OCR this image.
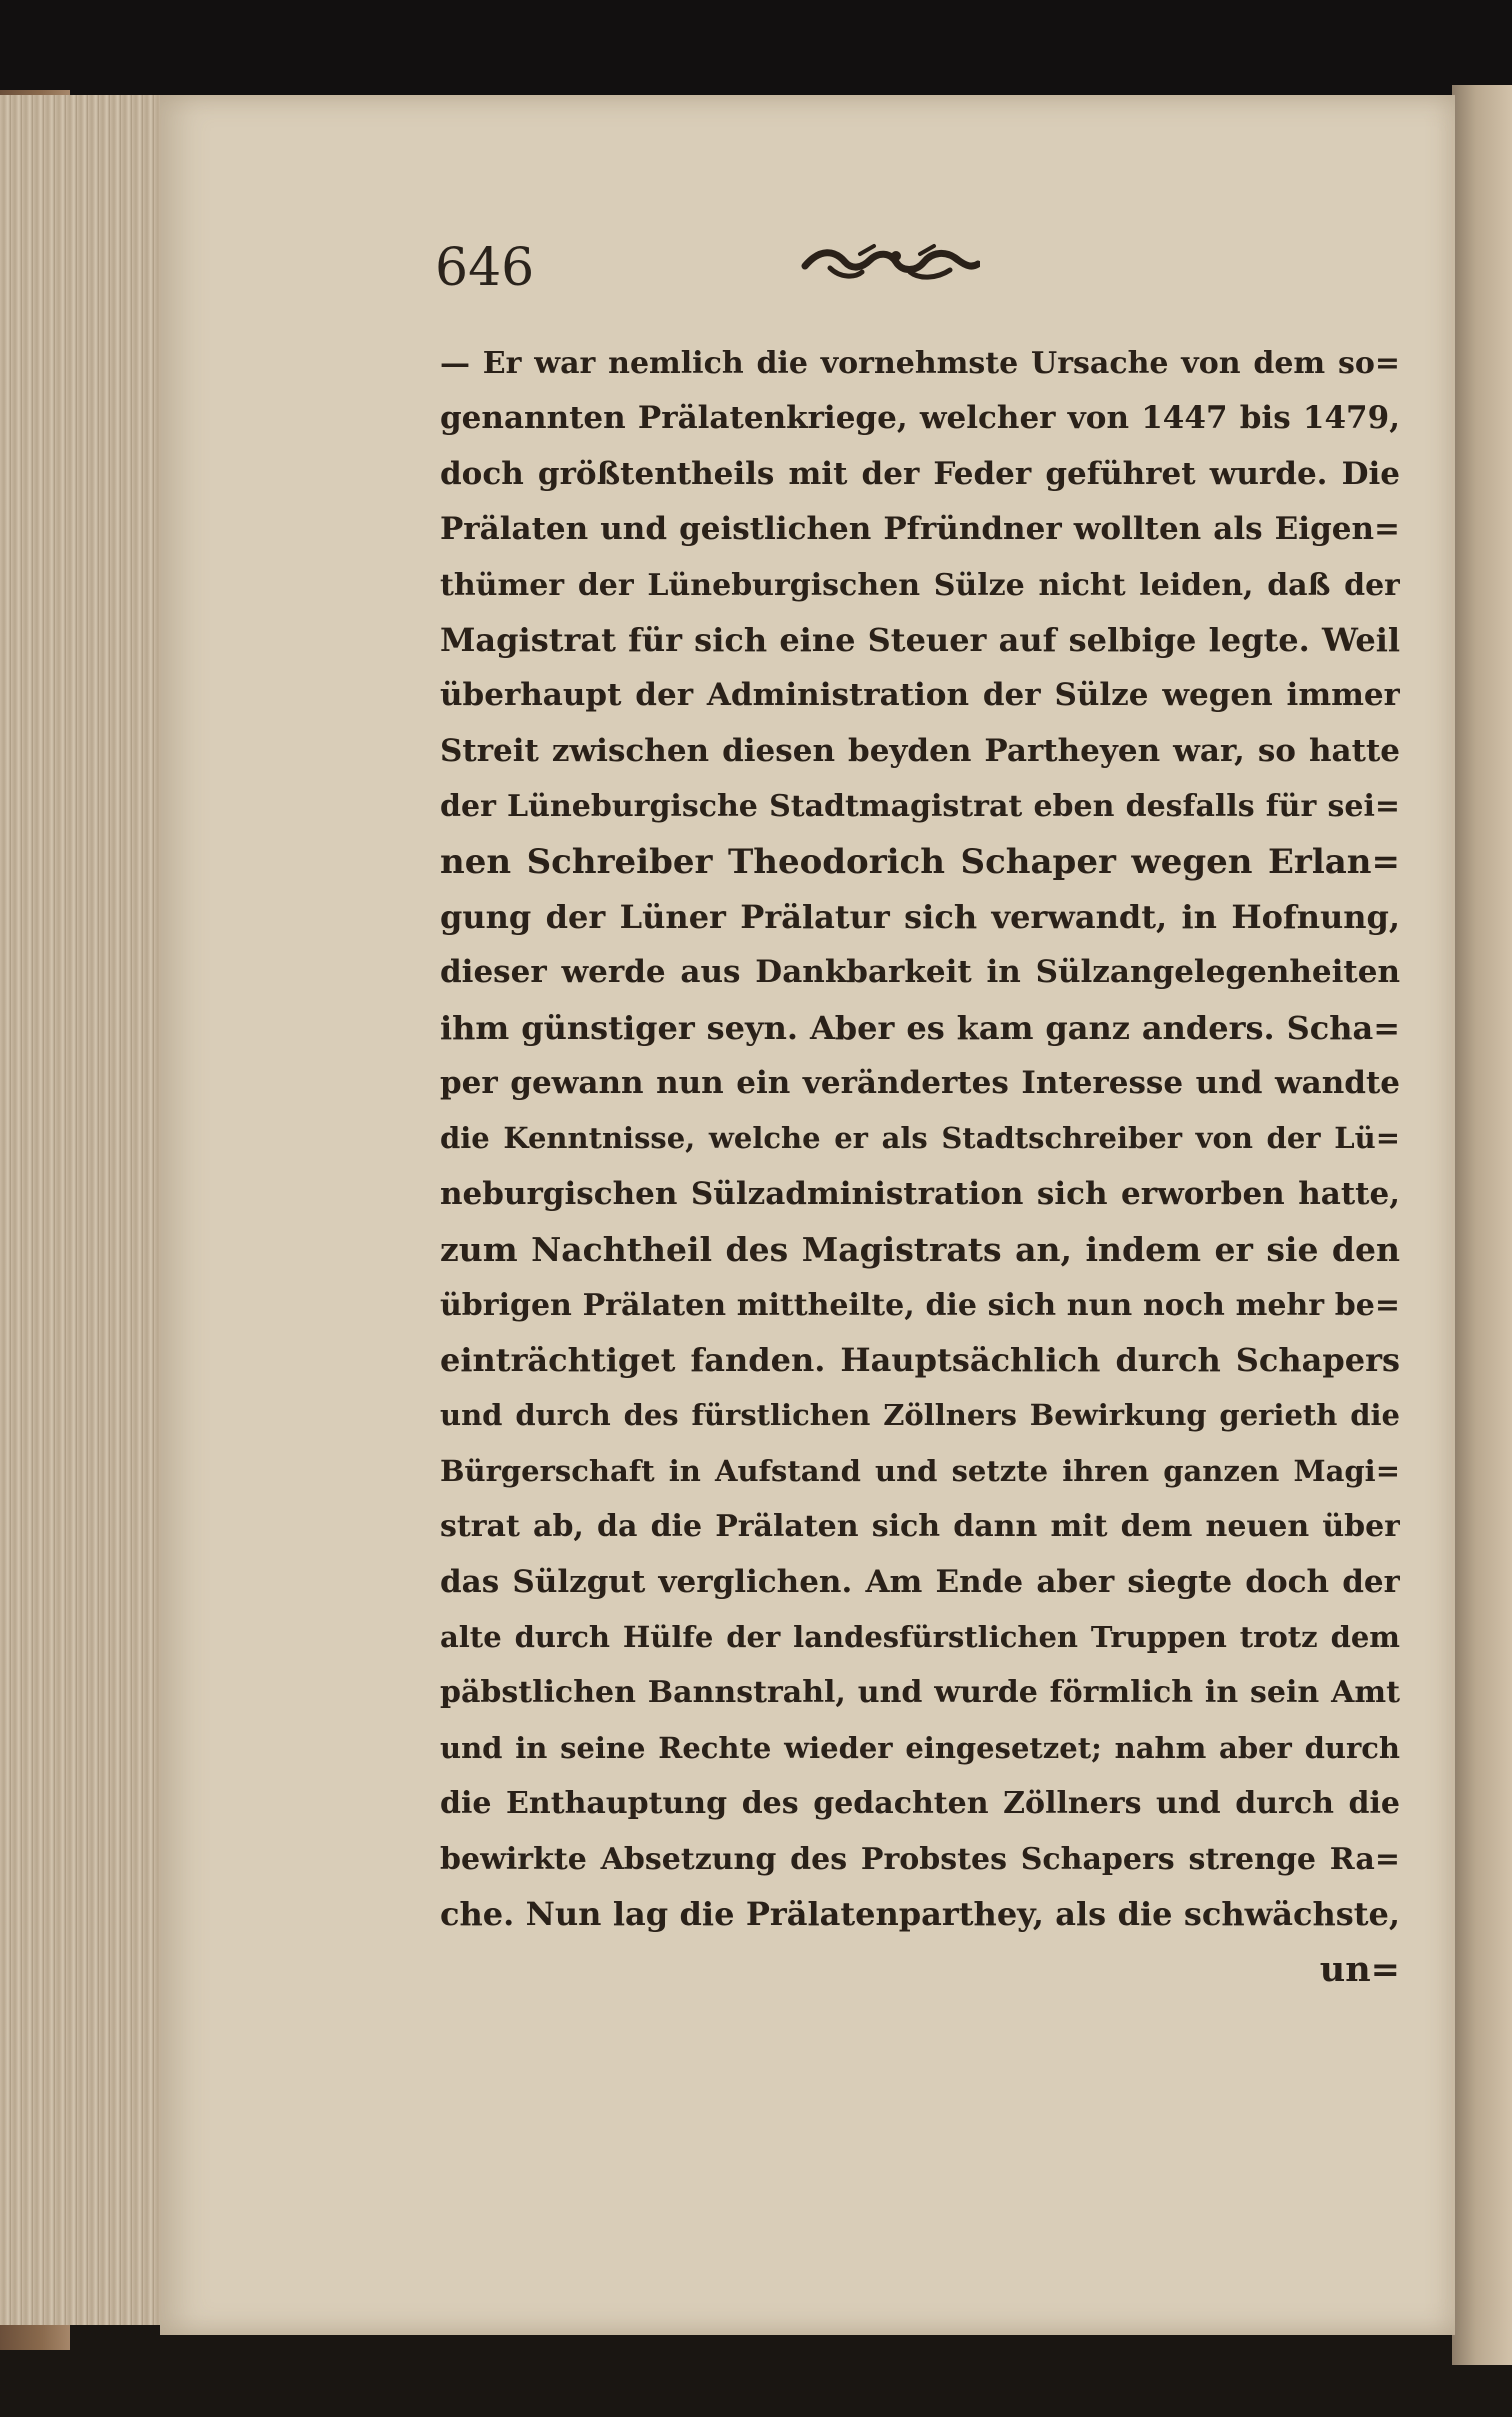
646
— Er war nemlich die vornehmste Ursache von dem so=
genannten Prälatenkriege, welcher von 1447 bis 1479,
doch größtentheils mit der Feder geführet wurde. Die
Prälaten und geistlichen Pfründner wollten als Eigen=
thümer der Lüneburgischen Sülze nicht leiden, daß der
Magistrat für sich eine Steuer auf selbige legte. Weil
überhaupt der Administration der Sülze wegen immer
Streit zwischen diesen beyden Partheyen war, so hatte
der Lüneburgische Stadtmagistrat eben desfalls für sei=
nen Schreiber Theodorich Schaper wegen Erlan=
gung der Lüner Prälatur sich verwandt, in Hofnung,
dieser werde aus Dankbarkeit in Sülzangelegenheiten
ihm günstiger seyn. Aber es kam ganz anders. Scha=
per gewann nun ein verändertes Interesse und wandte
die Kenntnisse, welche er als Stadtschreiber von der Lü=
neburgischen Sülzadministration sich erworben hatte,
zum Nachtheil des Magistrats an, indem er sie den
übrigen Prälaten mittheilte, die sich nun noch mehr be=
einträchtiget fanden. Hauptsächlich durch Schapers
und durch des fürstlichen Zöllners Bewirkung gerieth die
Bürgerschaft in Aufstand und setzte ihren ganzen Magi=
strat ab, da die Prälaten sich dann mit dem neuen über
das Sülzgut verglichen. Am Ende aber siegte doch der
alte durch Hülfe der landesfürstlichen Truppen trotz dem
päbstlichen Bannstrahl, und wurde förmlich in sein Amt
und in seine Rechte wieder eingesetzet; nahm aber durch
die Enthauptung des gedachten Zöllners und durch die
bewirkte Absetzung des Probstes Schapers strenge Ra=
che. Nun lag die Prälatenparthey, als die schwächste,
un=
